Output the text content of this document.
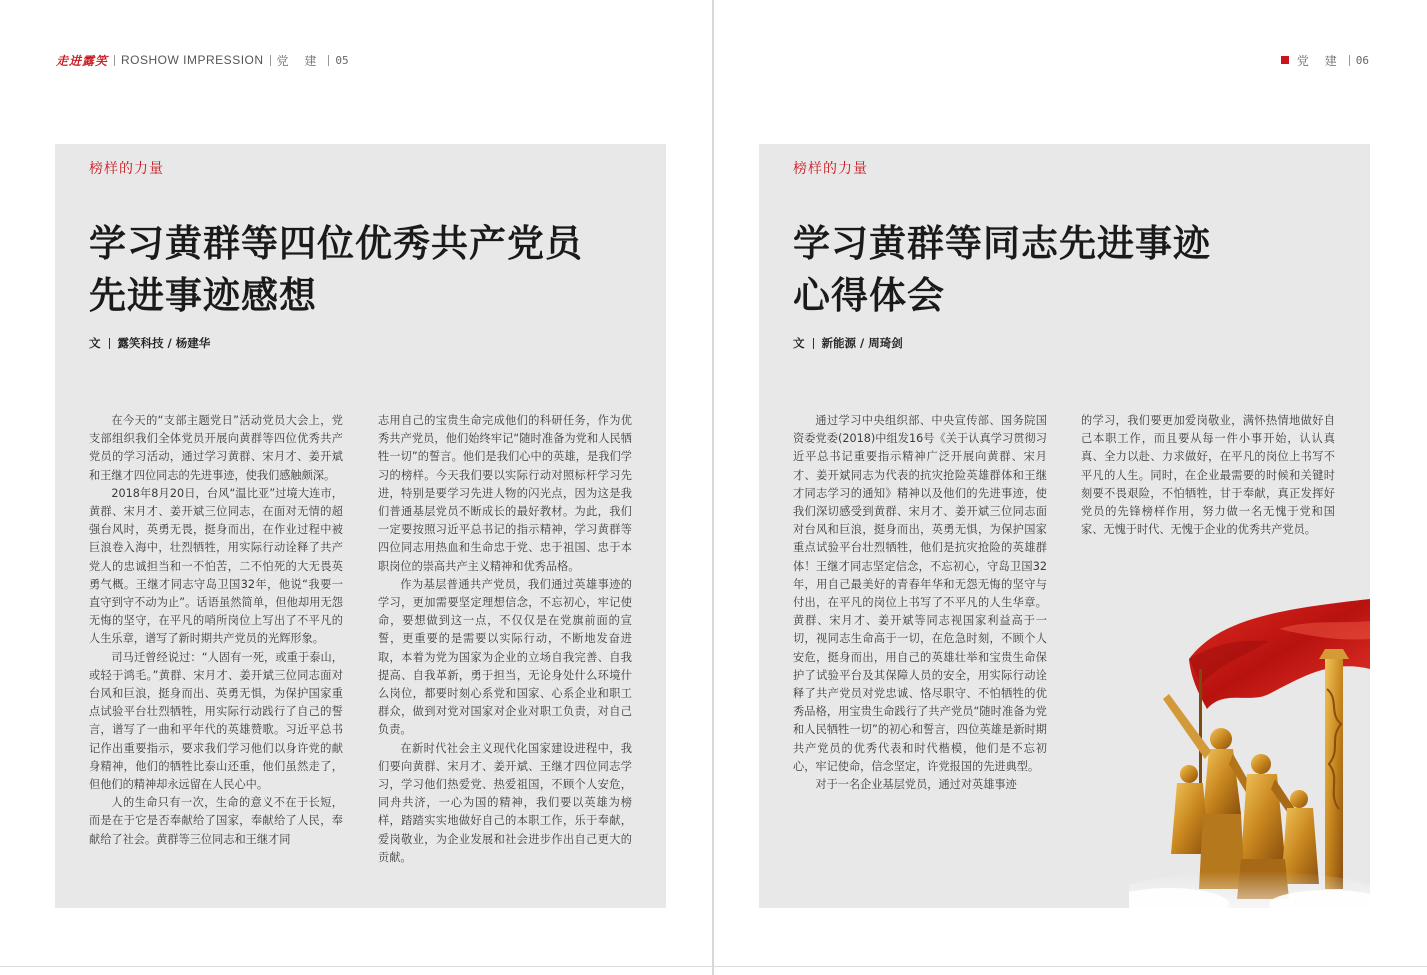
走进露笑 ROSHOW IMPRESSION 党 建 05	党 建 06
榜样的力量
学习黄群等四位优秀共产党员
先进事迹感想
文 露笑科技 / 杨建华

在今天的“支部主题党日”活动党员大会上，党支部组织我们全体党员开展向黄群等四位优秀共产党员的学习活动，通过学习黄群、宋月才、姜开斌和王继才四位同志的先进事迹，使我们感触颇深。

2018年8月20日，台风“温比亚”过境大连市，黄群、宋月才、姜开斌三位同志，在面对无情的超强台风时，英勇无畏，挺身而出，在作业过程中被巨浪卷入海中，壮烈牺牲，用实际行动诠释了共产党人的忠诚担当和一不怕苦，二不怕死的大无畏英勇气概。王继才同志守岛卫国32年，他说“我要一直守到守不动为止”。话语虽然简单，但他却用无怨无悔的坚守，在平凡的哨所岗位上写出了不平凡的人生乐章，谱写了新时期共产党员的光辉形象。

司马迁曾经说过：“人固有一死，或重于泰山，或轻于鸿毛。”黄群、宋月才、姜开斌三位同志面对台风和巨浪，挺身而出、英勇无惧，为保护国家重点试验平台壮烈牺牲，用实际行动践行了自己的誓言，谱写了一曲和平年代的英雄赞歌。习近平总书记作出重要指示，要求我们学习他们以身许党的献身精神，他们的牺牲比泰山还重，他们虽然走了，但他们的精神却永远留在人民心中。

人的生命只有一次，生命的意义不在于长短，而是在于它是否奉献给了国家，奉献给了人民，奉献给了社会。黄群等三位同志和王继才同

志用自己的宝贵生命完成他们的科研任务，作为优秀共产党员，他们始终牢记“随时准备为党和人民牺牲一切”的誓言。他们是我们心中的英雄，是我们学习的榜样。今天我们要以实际行动对照标杆学习先进，特别是要学习先进人物的闪光点，因为这是我们普通基层党员不断成长的最好教材。为此，我们一定要按照习近平总书记的指示精神，学习黄群等四位同志用热血和生命忠于党、忠于祖国、忠于本职岗位的崇高共产主义精神和优秀品格。

作为基层普通共产党员，我们通过英雄事迹的学习，更加需要坚定理想信念，不忘初心，牢记使命，要想做到这一点，不仅仅是在党旗前面的宣誓，更重要的是需要以实际行动，不断地发奋进取，本着为党为国家为企业的立场自我完善、自我提高、自我革新，勇于担当，无论身处什么环境什么岗位，都要时刻心系党和国家、心系企业和职工群众，做到对党对国家对企业对职工负责，对自己负责。

在新时代社会主义现代化国家建设进程中，我们要向黄群、宋月才、姜开斌、王继才四位同志学习，学习他们热爱党、热爱祖国，不顾个人安危，同舟共济，一心为国的精神，我们要以英雄为榜样，踏踏实实地做好自己的本职工作，乐于奉献，爱岗敬业，为企业发展和社会进步作出自己更大的贡献。

榜样的力量
学习黄群等同志先进事迹
心得体会
文 新能源 / 周琦剑

通过学习中央组织部、中央宣传部、国务院国资委党委(2018)中组发16号《关于认真学习贯彻习近平总书记重要指示精神广泛开展向黄群、宋月才、姜开斌同志为代表的抗灾抢险英雄群体和王继才同志学习的通知》精神以及他们的先进事迹，使我们深切感受到黄群、宋月才、姜开斌三位同志面对台风和巨浪，挺身而出，英勇无惧，为保护国家重点试验平台壮烈牺牲，他们是抗灾抢险的英雄群体！王继才同志坚定信念，不忘初心，守岛卫国32年，用自己最美好的青春年华和无怨无悔的坚守与付出，在平凡的岗位上书写了不平凡的人生华章。黄群、宋月才、姜开斌等同志视国家利益高于一切，视同志生命高于一切，在危急时刻，不顾个人安危，挺身而出，用自己的英雄壮举和宝贵生命保护了试验平台及其保障人员的安全，用实际行动诠释了共产党员对党忠诚、恪尽职守、不怕牺牲的优秀品格，用宝贵生命践行了共产党员“随时准备为党和人民牺牲一切”的初心和誓言，四位英雄是新时期共产党员的优秀代表和时代楷模，他们是不忘初心，牢记使命，信念坚定，许党报国的先进典型。

对于一名企业基层党员，通过对英雄事迹

的学习，我们要更加爱岗敬业，满怀热情地做好自己本职工作，而且要从每一件小事开始，认认真真、全力以赴、力求做好，在平凡的岗位上书写不平凡的人生。同时，在企业最需要的时候和关键时刻要不畏艰险，不怕牺牲，甘于奉献，真正发挥好党员的先锋榜样作用，努力做一名无愧于党和国家、无愧于时代、无愧于企业的优秀共产党员。
